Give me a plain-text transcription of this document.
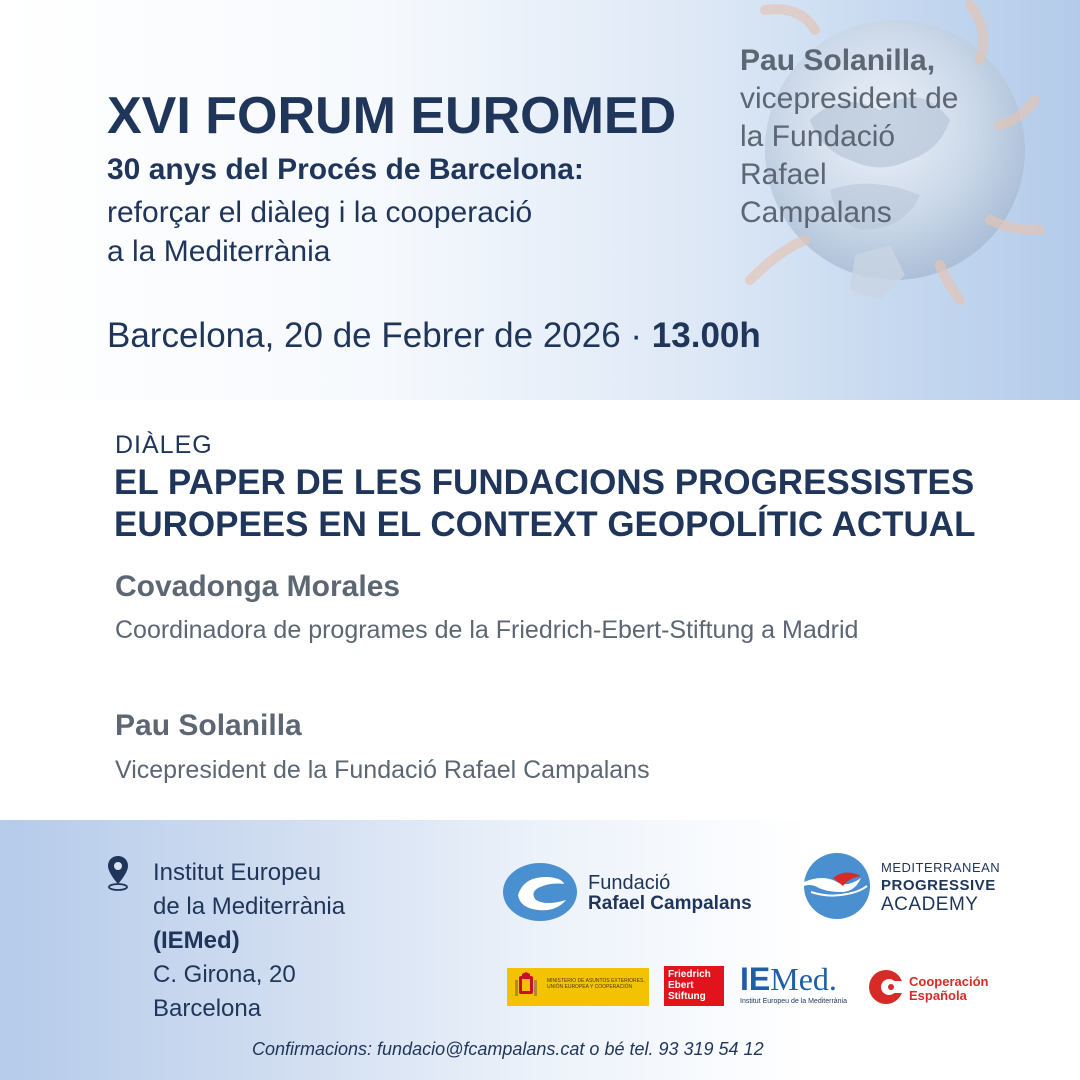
XVI FORUM EUROMED
30 anys del Procés de Barcelona:
reforçar el diàleg i la cooperació
a la Mediterrània
Pau Solanilla,
vicepresident de
la Fundació
Rafael
Campalans
Barcelona, 20 de Febrer de 2026 · 13.00h
DIÀLEG
EL PAPER DE LES FUNDACIONS PROGRESSISTES
EUROPEES EN EL CONTEXT GEOPOLÍTIC ACTUAL
Covadonga Morales
Coordinadora de programes de la Friedrich-Ebert-Stiftung a Madrid
Pau Solanilla
Vicepresident de la Fundació Rafael Campalans
Institut Europeu
de la Mediterrània
(IEMed)
C. Girona, 20
Barcelona
Fundació
Rafael Campalans
MEDITERRANEAN
PROGRESSIVE
ACADEMY
MINISTERIO DE ASUNTOS EXTERIORES, UNIÓN EUROPEA Y COOPERACIÓN
Friedrich
Ebert
Stiftung	IEMed.
Institut Europeu de la Mediterrània
Cooperación
Española
Confirmacions: fundacio@fcampalans.cat o bé tel. 93 319 54 12
